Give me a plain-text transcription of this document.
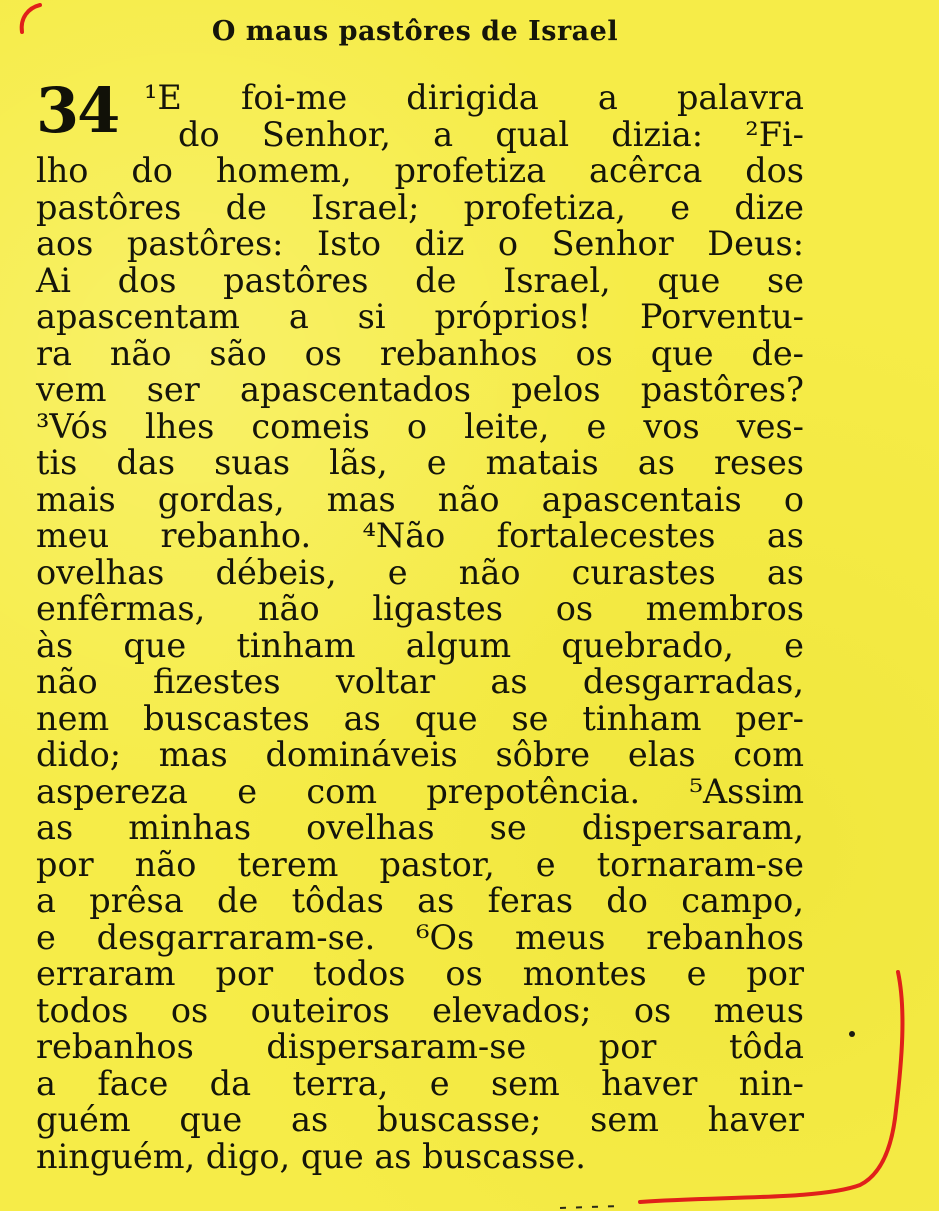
O maus pastôres de Israel
34 ¹E foi-me dirigida a palavra
do Senhor, a qual dizia: ²Fi-
lho do homem, profetiza acêrca dos
pastôres de Israel; profetiza, e dize
aos pastôres: Isto diz o Senhor Deus:
Ai dos pastôres de Israel, que se
apascentam a si próprios! Porventu-
ra não são os rebanhos os que de-
vem ser apascentados pelos pastôres?
³Vós lhes comeis o leite, e vos ves-
tis das suas lãs, e matais as reses
mais gordas, mas não apascentais o
meu rebanho. ⁴Não fortalecestes as
ovelhas débeis, e não curastes as
enfêrmas, não ligastes os membros
às que tinham algum quebrado, e
não fizestes voltar as desgarradas,
nem buscastes as que se tinham per-
dido; mas domináveis sôbre elas com
aspereza e com prepotência. ⁵Assim
as minhas ovelhas se dispersaram,
por não terem pastor, e tornaram-se
a prêsa de tôdas as feras do campo,
e desgarraram-se. ⁶Os meus rebanhos
erraram por todos os montes e por
todos os outeiros elevados; os meus
rebanhos dispersaram-se por tôda
a face da terra, e sem haver nin-
guém que as buscasse; sem haver
ninguém, digo, que as buscasse.
